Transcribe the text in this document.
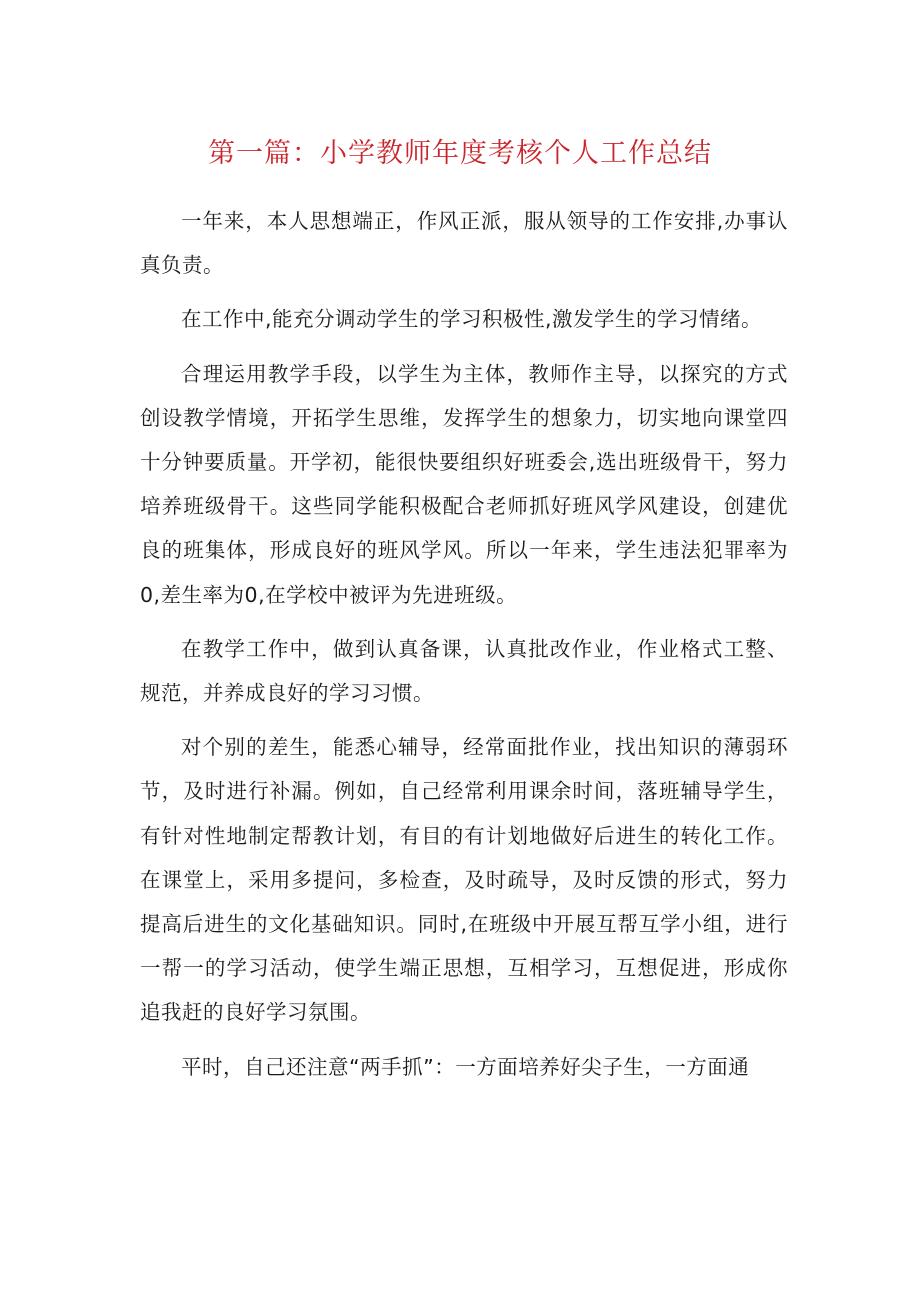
第一篇：小学教师年度考核个人工作总结

一年来，本人思想端正，作风正派，服从领导的工作安排,办事认真负责。

在工作中,能充分调动学生的学习积极性,激发学生的学习情绪。

合理运用教学手段，以学生为主体，教师作主导，以探究的方式创设教学情境，开拓学生思维，发挥学生的想象力，切实地向课堂四十分钟要质量。开学初，能很快要组织好班委会,选出班级骨干，努力培养班级骨干。这些同学能积极配合老师抓好班风学风建设，创建优良的班集体，形成良好的班风学风。所以一年来，学生违法犯罪率为0,差生率为0,在学校中被评为先进班级。

在教学工作中，做到认真备课，认真批改作业，作业格式工整、规范，并养成良好的学习习惯。

对个别的差生，能悉心辅导，经常面批作业，找出知识的薄弱环节，及时进行补漏。例如，自己经常利用课余时间，落班辅导学生，有针对性地制定帮教计划，有目的有计划地做好后进生的转化工作。在课堂上，采用多提问，多检查，及时疏导，及时反馈的形式，努力提高后进生的文化基础知识。同时,在班级中开展互帮互学小组，进行一帮一的学习活动，使学生端正思想，互相学习，互想促进，形成你追我赶的良好学习氛围。

平时，自己还注意“两手抓”：一方面培养好尖子生，一方面通
